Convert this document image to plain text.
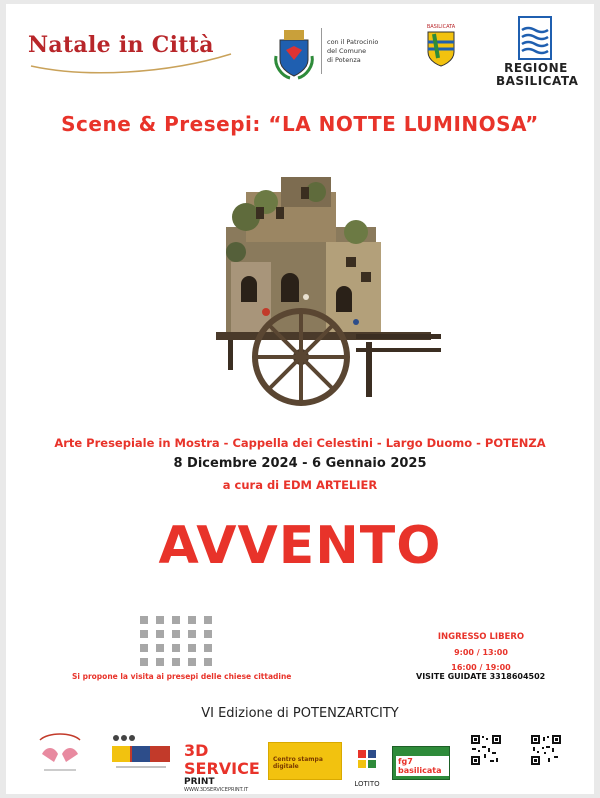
Natale in Città	con il Patrocinio
del Comune
di Potenza
BASILICATA
REGIONE
BASILICATA
Scene & Presepi: “LA NOTTE LUMINOSA”
Arte Presepiale in Mostra - Cappella dei Celestini - Largo Duomo - POTENZA
8 Dicembre 2024 - 6 Gennaio 2025
a cura di EDM ARTELIER
AVVENTO
Si propone la visita ai presepi delle chiese cittadine
INGRESSO LIBERO
9:00 / 13:00
16:00 / 19:00
VISITE GUIDATE 3318604502
VI Edizione di POTENZARTCITY
3D SERVICE
PRINT
WWW.3DSERVICEPRINT.IT
Centro stampa digitale
LOTITO
fg7 basilicata
